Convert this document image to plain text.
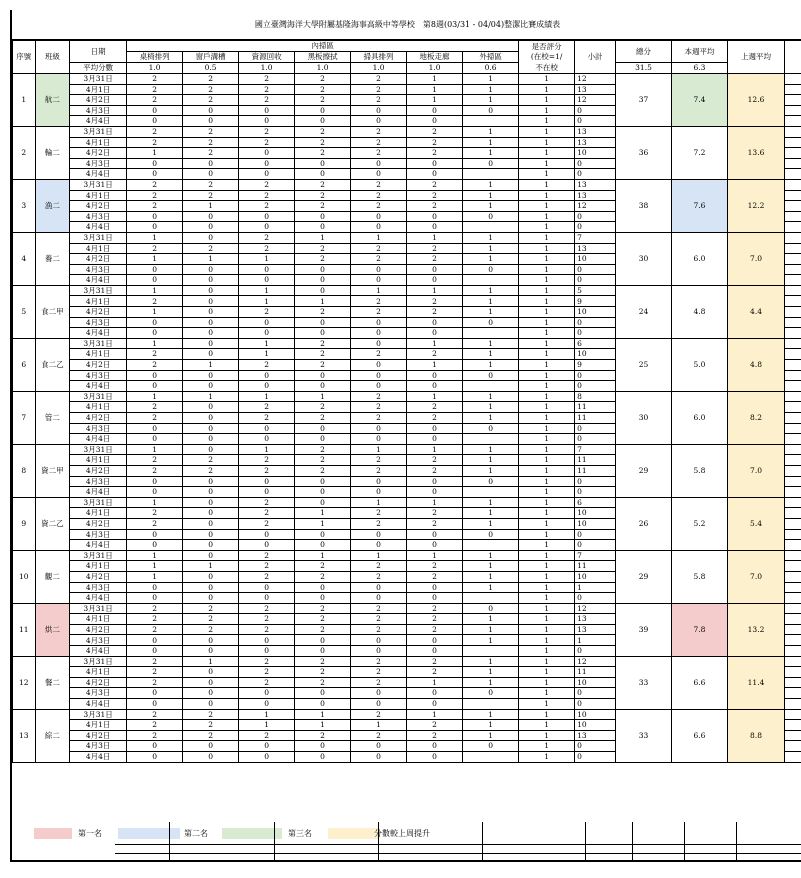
國立臺灣海洋大學附屬基隆海事高級中等學校　第8週(03/31 - 04/04)整潔比賽成績表
序號	班級	日期	內掃區							是否評分	小計	總分	本週平均	上週平均	
			桌椅排列	窗戶溝槽	資源回收	黑板擦拭	掃具排列	地板走廊	外掃區	(在校=1/					
		平均分數	1.0	0.5	1.0	1.0	1.0	1.0	0.6	不在校		31.5	6.3		
1	航二	3月31日	2	2	2	2	2	1	1	1	12	37	7.4	12.6	
		4月1日	2	2	2	2	2	1	1	1	13				
		4月2日	2	2	2	2	2	1	1	1	12				
		4月3日	0	0	0	0	0	0	0	1	0				
		4月4日	0	0	0	0	0	0		1	0				
2	輪二	3月31日	2	2	2	2	2	2	1	1	13	36	7.2	13.6	
		4月1日	2	2	2	2	2	2	1	1	13				
		4月2日	1	2	0	2	2	2	1	1	10				
		4月3日	0	0	0	0	0	0	0	1	0				
		4月4日	0	0	0	0	0	0		1	0				
3	漁二	3月31日	2	2	2	2	2	2	1	1	13	38	7.6	12.2	
		4月1日	2	2	2	2	2	2	1	1	13				
		4月2日	2	1	2	2	2	2	1	1	12				
		4月3日	0	0	0	0	0	0	0	1	0				
		4月4日	0	0	0	0	0	0		1	0				
4	養二	3月31日	1	0	2	1	1	1	1	1	7	30	6.0	7.0	
		4月1日	2	2	2	2	2	2	1	1	13				
		4月2日	1	1	1	2	2	2	1	1	10				
		4月3日	0	0	0	0	0	0	0	1	0				
		4月4日	0	0	0	0	0	0		1	0				
5	食二甲	3月31日	1	0	1	0	1	1	1	1	5	24	4.8	4.4	
		4月1日	2	0	1	1	2	2	1	1	9				
		4月2日	1	0	2	2	2	2	1	1	10				
		4月3日	0	0	0	0	0	0	0	1	0				
		4月4日	0	0	0	0	0	0		1	0				
6	食二乙	3月31日	1	0	1	2	0	1	1	1	6	25	5.0	4.8	
		4月1日	2	0	1	2	2	2	1	1	10				
		4月2日	2	1	2	2	0	1	1	1	9				
		4月3日	0	0	0	0	0	0	0	1	0				
		4月4日	0	0	0	0	0	0		1	0				
7	管二	3月31日	1	1	1	1	2	1	1	1	8	30	6.0	8.2	
		4月1日	2	0	2	2	2	2	1	1	11				
		4月2日	2	0	2	2	2	2	1	1	11				
		4月3日	0	0	0	0	0	0	0	1	0				
		4月4日	0	0	0	0	0	0		1	0				
8	資二甲	3月31日	1	0	1	2	1	1	1	1	7	29	5.8	7.0	
		4月1日	2	2	2	2	2	2	1	1	11				
		4月2日	2	2	2	2	2	2	1	1	11				
		4月3日	0	0	0	0	0	0	0	1	0				
		4月4日	0	0	0	0	0	0		1	0				
9	資二乙	3月31日	1	0	2	0	1	1	1	1	6	26	5.2	5.4	
		4月1日	2	0	2	1	2	2	1	1	10				
		4月2日	2	0	2	1	2	2	1	1	10				
		4月3日	0	0	0	0	0	0	0	1	0				
		4月4日	0	0	0	0	0	0		1	0				
10	觀二	3月31日	1	0	2	1	1	1	1	1	7	29	5.8	7.0	
		4月1日	1	1	2	2	2	2	1	1	11				
		4月2日	1	0	2	2	2	2	1	1	10				
		4月3日	0	0	0	0	0	0	1	1	1				
		4月4日	0	0	0	0	0	0		1	0				
11	烘二	3月31日	2	2	2	2	2	2	0	1	12	39	7.8	13.2	
		4月1日	2	2	2	2	2	2	1	1	13				
		4月2日	2	2	2	2	2	2	1	1	13				
		4月3日	0	0	0	0	0	0	1	1	1				
		4月4日	0	0	0	0	0	0		1	0				
12	餐二	3月31日	2	1	2	2	2	2	1	1	12	33	6.6	11.4	
		4月1日	2	0	2	2	2	2	1	1	11				
		4月2日	2	0	2	2	2	1	1	1	10				
		4月3日	0	0	0	0	0	0	0	1	0				
		4月4日	0	0	0	0	0	0		1	0				
13	綜二	3月31日	2	2	1	1	2	1	1	1	10	33	6.6	8.8	
		4月1日	2	2	1	1	1	2	1	1	10				
		4月2日	2	2	2	2	2	2	1	1	13				
		4月3日	0	0	0	0	0	0	0	1	0				
		4月4日	0	0	0	0	0	0		1	0				
第一名	第二名	第三名	分數較上周提升
